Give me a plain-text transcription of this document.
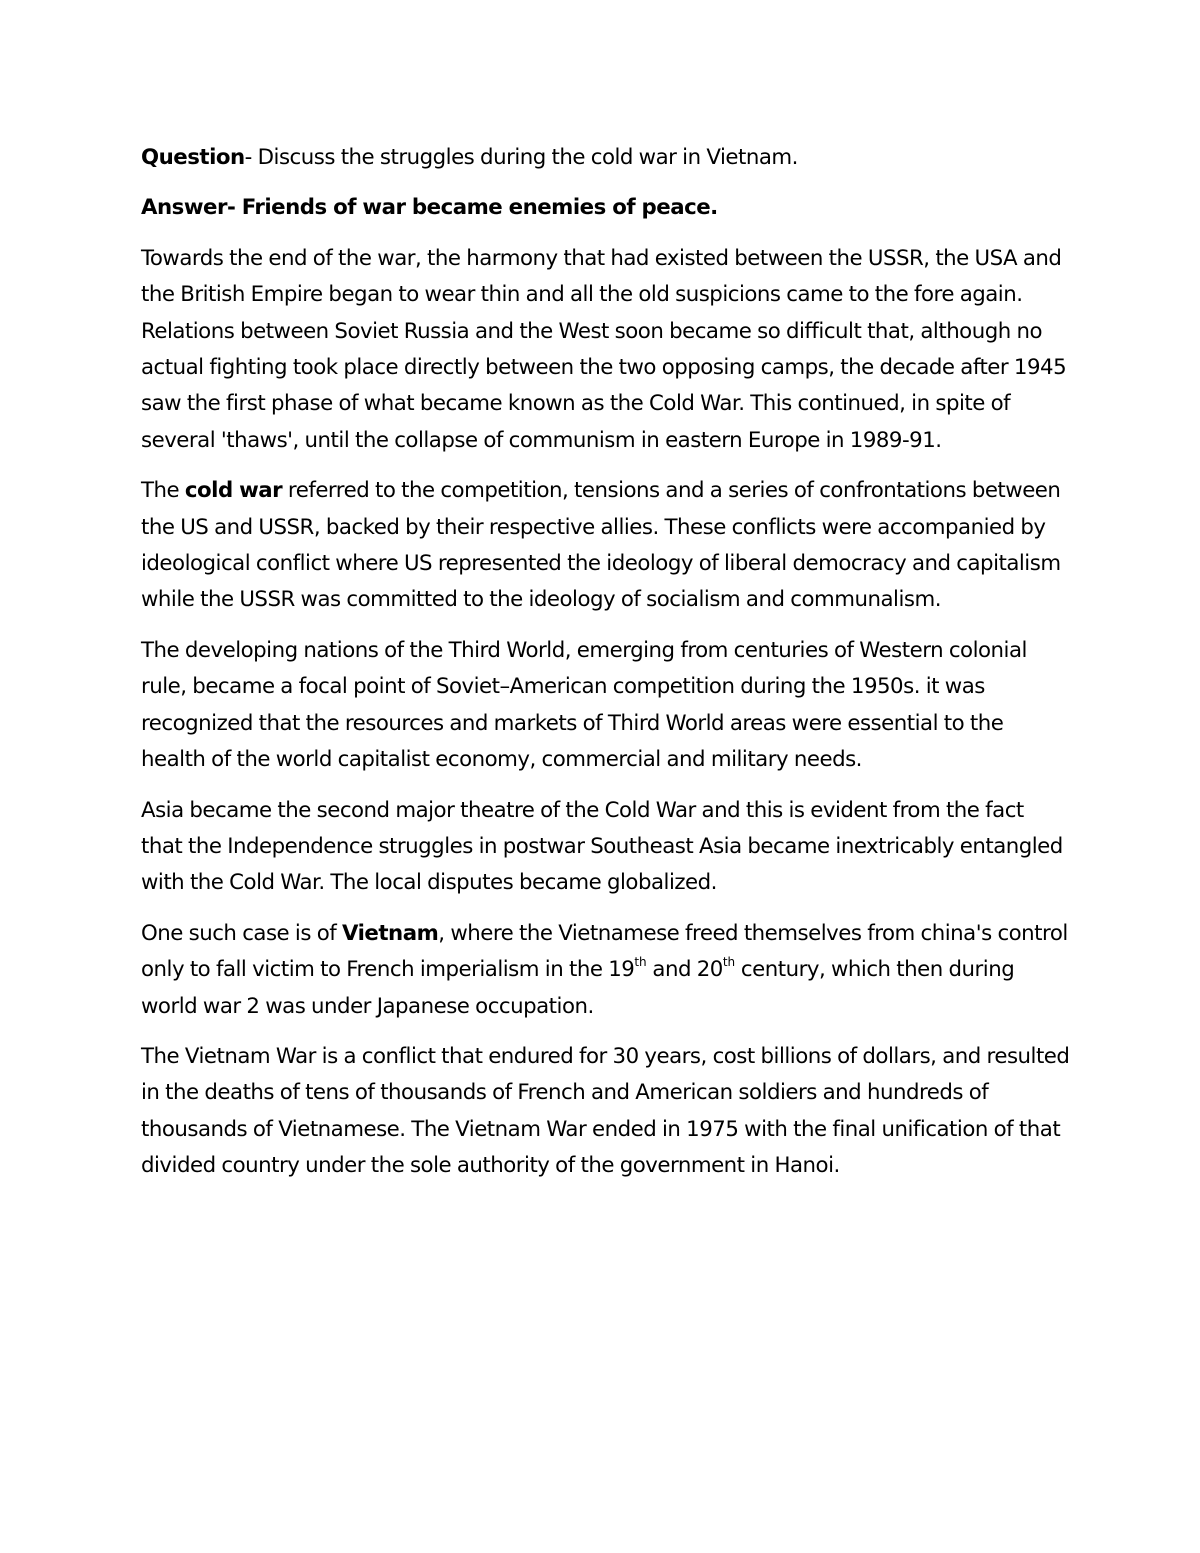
Question- Discuss the struggles during the cold war in Vietnam.

Answer- Friends of war became enemies of peace.

Towards the end of the war, the harmony that had existed between the USSR, the USA and the British Empire began to wear thin and all the old suspicions came to the fore again. Relations between Soviet Russia and the West soon became so difficult that, although no actual fighting took place directly between the two opposing camps, the decade after 1945 saw the first phase of what became known as the Cold War. This continued, in spite of several 'thaws', until the collapse of communism in eastern Europe in 1989-91.

The cold war referred to the competition, tensions and a series of confrontations between the US and USSR, backed by their respective allies. These conflicts were accompanied by ideological conflict where US represented the ideology of liberal democracy and capitalism while the USSR was committed to the ideology of socialism and communalism.

The developing nations of the Third World, emerging from centuries of Western colonial rule, became a focal point of Soviet–American competition during the 1950s. it was recognized that the resources and markets of Third World areas were essential to the health of the world capitalist economy, commercial and military needs.

Asia became the second major theatre of the Cold War and this is evident from the fact that the Independence struggles in postwar Southeast Asia became inextricably entangled with the Cold War. The local disputes became globalized.

One such case is of Vietnam, where the Vietnamese freed themselves from china's control only to fall victim to French imperialism in the 19th and 20th century, which then during world war 2 was under Japanese occupation.

The Vietnam War is a conflict that endured for 30 years, cost billions of dollars, and resulted in the deaths of tens of thousands of French and American soldiers and hundreds of thousands of Vietnamese. The Vietnam War ended in 1975 with the final unification of that divided country under the sole authority of the government in Hanoi.
